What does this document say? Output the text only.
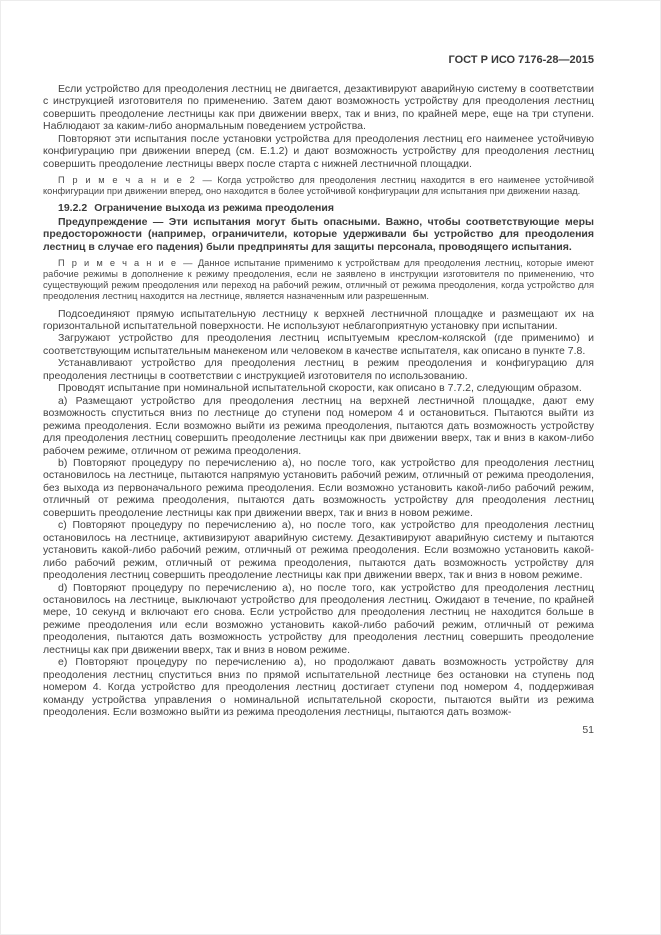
ГОСТ Р ИСО 7176-28—2015

Если устройство для преодоления лестниц не двигается, дезактивируют аварийную систему в соответствии с инструкцией изготовителя по применению. Затем дают возможность устройству для преодоления лестниц совершить преодоление лестницы как при движении вверх, так и вниз, по крайней мере, еще на три ступени. Наблюдают за каким-либо анормальным поведением устройства.

Повторяют эти испытания после установки устройства для преодоления лестниц его наименее устойчивую конфигурацию при движении вперед (см. Е.1.2) и дают возможность устройству для преодоления лестниц совершить преодоление лестницы вверх после старта с нижней лестничной площадки.

П р и м е ч а н и е 2 — Когда устройство для преодоления лестниц находится в его наименее устойчивой конфигурации при движении вперед, оно находится в более устойчивой конфигурации для испытания при движении назад.

19.2.2 Ограничение выхода из режима преодоления

Предупреждение — Эти испытания могут быть опасными. Важно, чтобы соответствующие меры предосторожности (например, ограничители, которые удерживали бы устройство для преодоления лестниц в случае его падения) были предприняты для защиты персонала, проводящего испытания.

П р и м е ч а н и е — Данное испытание применимо к устройствам для преодоления лестниц, которые имеют рабочие режимы в дополнение к режиму преодоления, если не заявлено в инструкции изготовителя по применению, что существующий режим преодоления или переход на рабочий режим, отличный от режима преодоления, когда устройство для преодоления лестниц находится на лестнице, является назначенным или разрешенным.

Подсоединяют прямую испытательную лестницу к верхней лестничной площадке и размещают их на горизонтальной испытательной поверхности. Не используют неблагоприятную установку при испытании.

Загружают устройство для преодоления лестниц испытуемым креслом-коляской (где применимо) и соответствующим испытательным манекеном или человеком в качестве испытателя, как описано в пункте 7.8.

Устанавливают устройство для преодоления лестниц в режим преодоления и конфигурацию для преодоления лестницы в соответствии с инструкцией изготовителя по использованию.

Проводят испытание при номинальной испытательной скорости, как описано в 7.7.2, следующим образом.

а) Размещают устройство для преодоления лестниц на верхней лестничной площадке, дают ему возможность спуститься вниз по лестнице до ступени под номером 4 и остановиться. Пытаются выйти из режима преодоления. Если возможно выйти из режима преодоления, пытаются дать возможность устройству для преодоления лестниц совершить преодоление лестницы как при движении вверх, так и вниз в каком-либо рабочем режиме, отличном от режима преодоления.

b) Повторяют процедуру по перечислению а), но после того, как устройство для преодоления лестниц остановилось на лестнице, пытаются напрямую установить рабочий режим, отличный от режима преодоления, без выхода из первоначального режима преодоления. Если возможно установить какой-либо рабочий режим, отличный от режима преодоления, пытаются дать возможность устройству для преодоления лестниц совершить преодоление лестницы как при движении вверх, так и вниз в новом режиме.

с) Повторяют процедуру по перечислению а), но после того, как устройство для преодоления лестниц остановилось на лестнице, активизируют аварийную систему. Дезактивируют аварийную систему и пытаются установить какой-либо рабочий режим, отличный от режима преодоления. Если возможно установить какой-либо рабочий режим, отличный от режима преодоления, пытаются дать возможность устройству для преодоления лестниц совершить преодоление лестницы как при движении вверх, так и вниз в новом режиме.

d) Повторяют процедуру по перечислению а), но после того, как устройство для преодоления лестниц остановилось на лестнице, выключают устройство для преодоления лестниц. Ожидают в течение, по крайней мере, 10 секунд и включают его снова. Если устройство для преодоления лестниц не находится больше в режиме преодоления или если возможно установить какой-либо рабочий режим, отличный от режима преодоления, пытаются дать возможность устройству для преодоления лестниц совершить преодоление лестницы как при движении вверх, так и вниз в новом режиме.

е) Повторяют процедуру по перечислению а), но продолжают давать возможность устройству для преодоления лестниц спуститься вниз по прямой испытательной лестнице без остановки на ступень под номером 4. Когда устройство для преодоления лестниц достигает ступени под номером 4, поддерживая команду устройства управления о номинальной испытательной скорости, пытаются выйти из режима преодоления. Если возможно выйти из режима преодоления лестницы, пытаются дать возмож-

51
